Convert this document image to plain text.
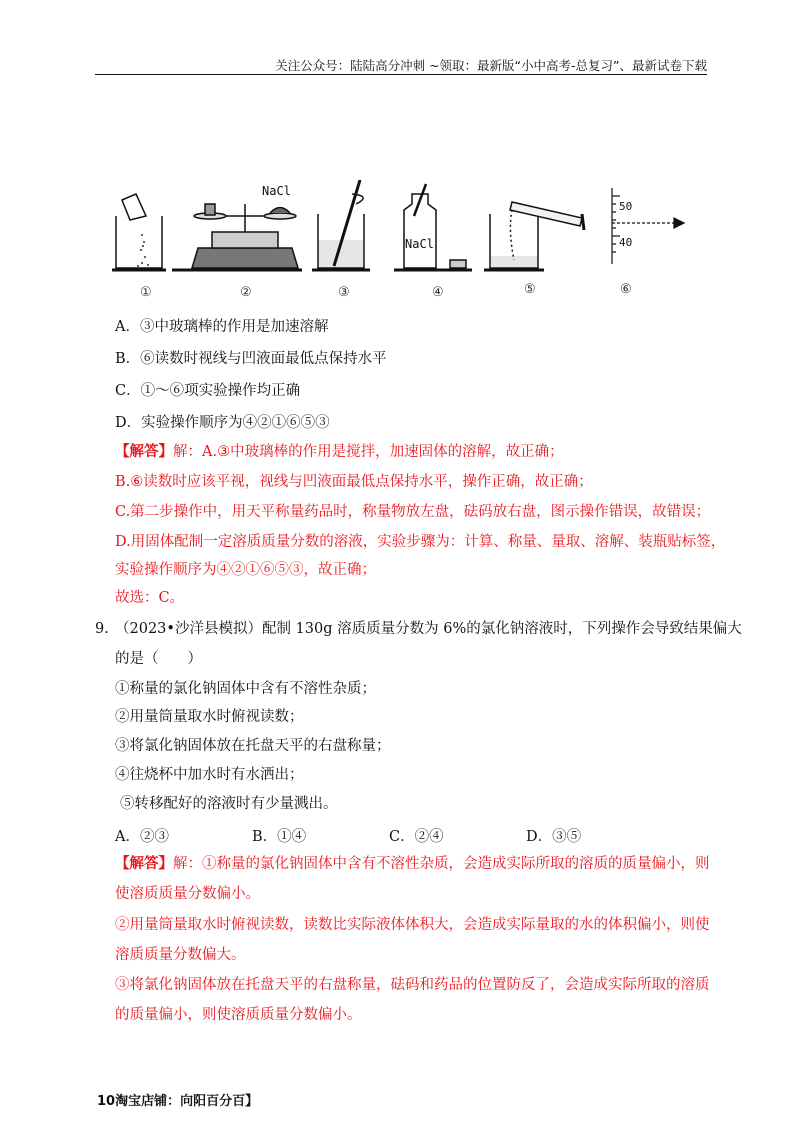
关注公众号：陆陆高分冲刺 ~领取：最新版“小中高考-总复习”、最新试卷下载
NaCl
NaCl
50
40
①	②	③	④	⑤	⑥
A．③中玻璃棒的作用是加速溶解
B．⑥读数时视线与凹液面最低点保持水平
C．①～⑥项实验操作均正确
D．实验操作顺序为④②①⑥⑤③
【解答】解：A.③中玻璃棒的作用是搅拌，加速固体的溶解，故正确；
B.⑥读数时应该平视，视线与凹液面最低点保持水平，操作正确，故正确；
C.第二步操作中，用天平称量药品时，称量物放左盘，砝码放右盘，图示操作错误，故错误；
D.用固体配制一定溶质质量分数的溶液，实验步骤为：计算、称量、量取、溶解、装瓶贴标签，
实验操作顺序为④②①⑥⑤③，故正确；
故选：C。
9. （2023•沙洋县模拟）配制 130g 溶质质量分数为 6%的氯化钠溶液时，下列操作会导致结果偏大
的是（　　）
①称量的氯化钠固体中含有不溶性杂质；
②用量筒量取水时俯视读数；
③将氯化钠固体放在托盘天平的右盘称量；
④往烧杯中加水时有水洒出；
⑤转移配好的溶液时有少量溅出。
A．②③	B．①④	C．②④	D．③⑤
【解答】解：①称量的氯化钠固体中含有不溶性杂质，会造成实际所取的溶质的质量偏小，则
使溶质质量分数偏小。
②用量筒量取水时俯视读数，读数比实际液体体积大，会造成实际量取的水的体积偏小，则使
溶质质量分数偏大。
③将氯化钠固体放在托盘天平的右盘称量，砝码和药品的位置防反了，会造成实际所取的溶质
的质量偏小，则使溶质质量分数偏小。
10淘宝店铺：向阳百分百】
